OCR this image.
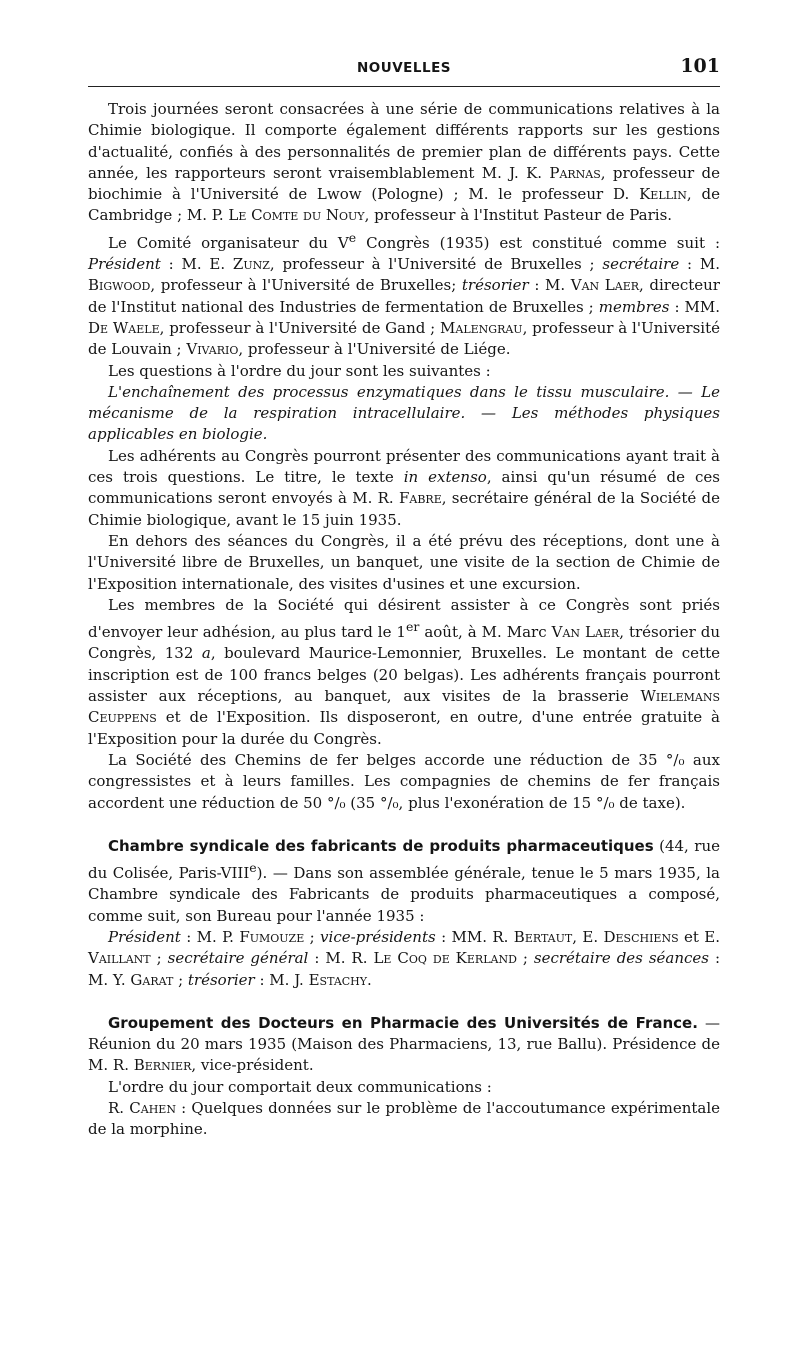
NOUVELLES	101

Trois journées seront consacrées à une série de communications relatives à la Chimie biologique. Il comporte également différents rapports sur les gestions d'actualité, confiés à des personnalités de premier plan de différents pays. Cette année, les rapporteurs seront vraisemblablement M. J. K. Parnas, professeur de biochimie à l'Université de Lwow (Pologne) ; M. le professeur D. Kellin, de Cambridge ; M. P. Le Comte du Nouy, professeur à l'Institut Pasteur de Paris.

Le Comité organisateur du Ve Congrès (1935) est constitué comme suit : Président : M. E. Zunz, professeur à l'Université de Bruxelles ; secrétaire : M. Bigwood, professeur à l'Université de Bruxelles; trésorier : M. Van Laer, directeur de l'Institut national des Industries de fermentation de Bruxelles ; membres : MM. De Waele, professeur à l'Université de Gand ; Malengrau, professeur à l'Université de Louvain ; Vivario, professeur à l'Université de Liége.

Les questions à l'ordre du jour sont les suivantes :

L'enchaînement des processus enzymatiques dans le tissu musculaire. — Le mécanisme de la respiration intracellulaire. — Les méthodes physiques applicables en biologie.

Les adhérents au Congrès pourront présenter des communications ayant trait à ces trois questions. Le titre, le texte in extenso, ainsi qu'un résumé de ces communications seront envoyés à M. R. Fabre, secrétaire général de la Société de Chimie biologique, avant le 15 juin 1935.

En dehors des séances du Congrès, il a été prévu des réceptions, dont une à l'Université libre de Bruxelles, un banquet, une visite de la section de Chimie de l'Exposition internationale, des visites d'usines et une excursion.

Les membres de la Société qui désirent assister à ce Congrès sont priés d'envoyer leur adhésion, au plus tard le 1er août, à M. Marc Van Laer, trésorier du Congrès, 132 a, boulevard Maurice-Lemonnier, Bruxelles. Le montant de cette inscription est de 100 francs belges (20 belgas). Les adhérents français pourront assister aux réceptions, au banquet, aux visites de la brasserie Wielemans Ceuppens et de l'Exposition. Ils disposeront, en outre, d'une entrée gratuite à l'Exposition pour la durée du Congrès.

La Société des Chemins de fer belges accorde une réduction de 35 °/₀ aux congressistes et à leurs familles. Les compagnies de chemins de fer français accordent une réduction de 50 °/₀ (35 °/₀, plus l'exonération de 15 °/₀ de taxe).

Chambre syndicale des fabricants de produits pharmaceutiques (44, rue du Colisée, Paris-VIIIe). — Dans son assemblée générale, tenue le 5 mars 1935, la Chambre syndicale des Fabricants de produits pharmaceutiques a composé, comme suit, son Bureau pour l'année 1935 :

Président : M. P. Fumouze ; vice-présidents : MM. R. Bertaut, E. Deschiens et E. Vaillant ; secrétaire général : M. R. Le Coq de Kerland ; secrétaire des séances : M. Y. Garat ; trésorier : M. J. Estachy.

Groupement des Docteurs en Pharmacie des Universités de France. — Réunion du 20 mars 1935 (Maison des Pharmaciens, 13, rue Ballu). Présidence de M. R. Bernier, vice-président.

L'ordre du jour comportait deux communications :

R. Cahen : Quelques données sur le problème de l'accoutumance expérimentale de la morphine.
